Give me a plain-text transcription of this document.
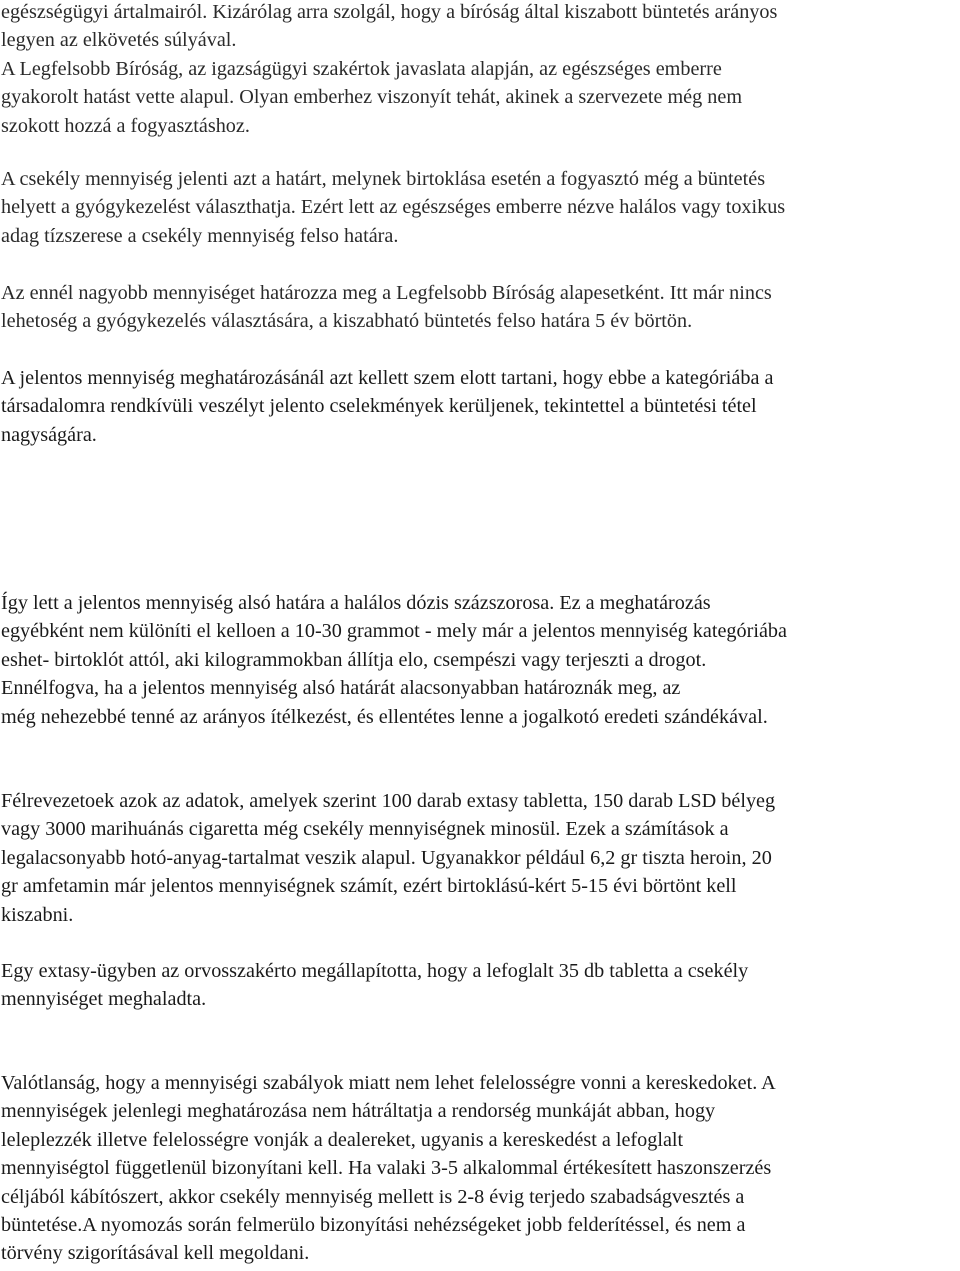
egészségügyi ártalmairól. Kizárólag arra szolgál, hogy a bíróság által kiszabott büntetés arányos
legyen az elkövetés súlyával.
A Legfelsobb Bíróság, az igazságügyi szakértok javaslata alapján, az egészséges emberre
gyakorolt hatást vette alapul. Olyan emberhez viszonyít tehát, akinek a szervezete még nem
szokott hozzá a fogyasztáshoz.
A csekély mennyiség jelenti azt a határt, melynek birtoklása esetén a fogyasztó még a büntetés
helyett a gyógykezelést választhatja. Ezért lett az egészséges emberre nézve halálos vagy toxikus
adag tízszerese a csekély mennyiség felso határa.
Az ennél nagyobb mennyiséget határozza meg a Legfelsobb Bíróság alapesetként. Itt már nincs
lehetoség a gyógykezelés választására, a kiszabható büntetés felso határa 5 év börtön.
A jelentos mennyiség meghatározásánál azt kellett szem elott tartani, hogy ebbe a kategóriába a
társadalomra rendkívüli veszélyt jelento cselekmények kerüljenek, tekintettel a büntetési tétel
nagyságára.
Így lett a jelentos mennyiség alsó határa a halálos dózis százszorosa. Ez a meghatározás
egyébként nem különíti el kelloen a 10-30 grammot - mely már a jelentos mennyiség kategóriába
eshet- birtoklót attól, aki kilogrammokban állítja elo, csempészi vagy terjeszti a drogot.
Ennélfogva, ha a jelentos mennyiség alsó határát alacsonyabban határoznák meg, az
még nehezebbé tenné az arányos ítélkezést, és ellentétes lenne a jogalkotó eredeti szándékával.
Félrevezetoek azok az adatok, amelyek szerint 100 darab extasy tabletta, 150 darab LSD bélyeg
vagy 3000 marihuánás cigaretta még csekély mennyiségnek minosül. Ezek a számítások a
legalacsonyabb hotó-anyag-tartalmat veszik alapul. Ugyanakkor például 6,2 gr tiszta heroin, 20
gr amfetamin már jelentos mennyiségnek számít, ezért birtoklású-kért 5-15 évi börtönt kell
kiszabni.
Egy extasy-ügyben az orvosszakérto megállapította, hogy a lefoglalt 35 db tabletta a csekély
mennyiséget meghaladta.
Valótlanság, hogy a mennyiségi szabályok miatt nem lehet felelosségre vonni a kereskedoket. A
mennyiségek jelenlegi meghatározása nem hátráltatja a rendorség munkáját abban, hogy
leleplezzék illetve felelosségre vonják a dealereket, ugyanis a kereskedést a lefoglalt
mennyiségtol függetlenül bizonyítani kell. Ha valaki 3-5 alkalommal értékesített haszonszerzés
céljából kábítószert, akkor csekély mennyiség mellett is 2-8 évig terjedo szabadságvesztés a
büntetése.A nyomozás során felmerülo bizonyítási nehézségeket jobb felderítéssel, és nem a
törvény szigorításával kell megoldani.
